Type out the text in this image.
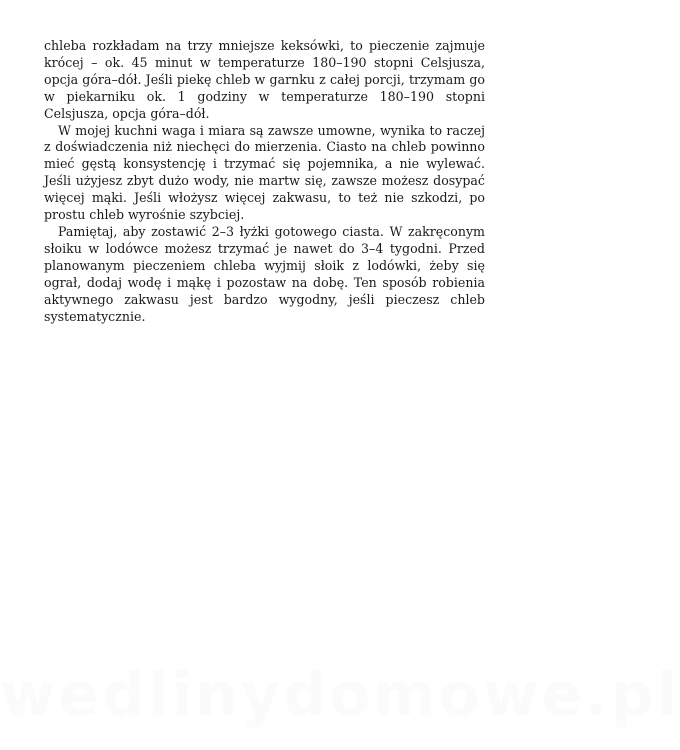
chleba rozkładam na trzy mniejsze keksówki, to pieczenie zajmuje krócej – ok. 45 minut w temperaturze 180–190 stopni Celsjusza, opcja góra–dół. Jeśli piekę chleb w garnku z całej porcji, trzymam go w piekarniku ok. 1 godziny w temperaturze 180–190 stopni Celsjusza, opcja góra–dół.

W mojej kuchni waga i miara są zawsze umowne, wynika to raczej z doświadczenia niż niechęci do mierzenia. Ciasto na chleb powinno mieć gęstą konsystencję i trzymać się pojemnika, a nie wylewać. Jeśli użyjesz zbyt dużo wody, nie martw się, zawsze możesz dosypać więcej mąki. Jeśli włożysz więcej zakwasu, to też nie szkodzi, po prostu chleb wyrośnie szybciej.

Pamiętaj, aby zostawić 2–3 łyżki gotowego ciasta. W zakręconym słoiku w lodówce możesz trzymać je nawet do 3–4 tygodni. Przed planowanym pieczeniem chleba wyjmij słoik z lodówki, żeby się ograł, dodaj wodę i mąkę i pozostaw na dobę. Ten sposób robienia aktywnego zakwasu jest bardzo wygodny, jeśli pieczesz chleb systematycznie.

wedlinydomowe.pl
